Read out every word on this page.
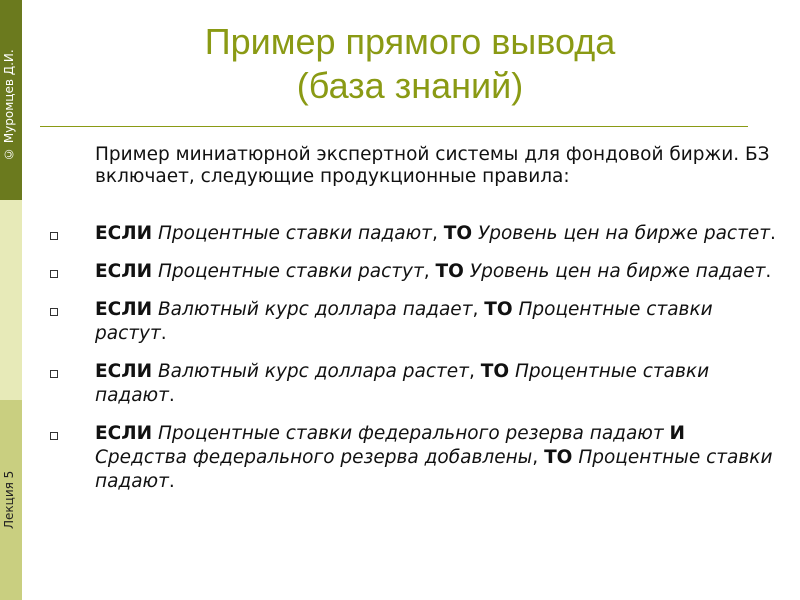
© Муромцев Д.И.
Лекция 5
Пример прямого вывода
(база знаний)
Пример миниатюрной экспертной системы для фондовой биржи. БЗ включает, следующие продукционные правила:
ЕСЛИ Процентные ставки падают, ТО Уровень цен на бирже растет.
ЕСЛИ Процентные ставки растут, ТО Уровень цен на бирже падает.
ЕСЛИ Валютный курс доллара падает, ТО Процентные ставки растут.
ЕСЛИ Валютный курс доллара растет, ТО Процентные ставки падают.
ЕСЛИ Процентные ставки федерального резерва падают И Средства федерального резерва добавлены, ТО Процентные ставки падают.
